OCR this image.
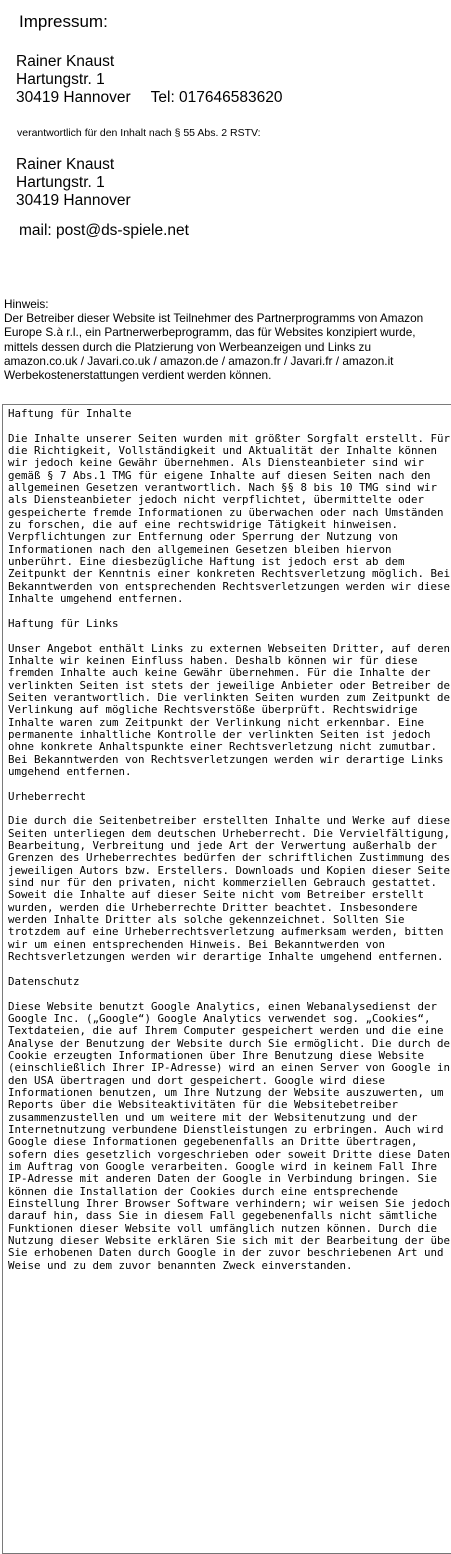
Impressum:
Rainer Knaust
Hartungstr. 1
30419 Hannover Tel: 017646583620
verantwortlich für den Inhalt nach § 55 Abs. 2 RSTV:
Rainer Knaust
Hartungstr. 1
30419 Hannover
mail: post@ds-spiele.net
Hinweis:
Der Betreiber dieser Website ist Teilnehmer des Partnerprogramms von Amazon Europe S.à r.l., ein Partnerwerbeprogramm, das für Websites konzipiert wurde, mittels dessen durch die Platzierung von Werbeanzeigen und Links zu amazon.co.uk / Javari.co.uk / amazon.de / amazon.fr / Javari.fr / amazon.it Werbekostenerstattungen verdient werden können.
Haftung für Inhalte Die Inhalte unserer Seiten wurden mit größter Sorgfalt erstellt. Für die Richtigkeit, Vollständigkeit und Aktualität der Inhalte können wir jedoch keine Gewähr übernehmen. Als Diensteanbieter sind wir gemäß § 7 Abs.1 TMG für eigene Inhalte auf diesen Seiten nach den allgemeinen Gesetzen verantwortlich. Nach §§ 8 bis 10 TMG sind wir als Diensteanbieter jedoch nicht verpflichtet, übermittelte oder gespeicherte fremde Informationen zu überwachen oder nach Umständen zu forschen, die auf eine rechtswidrige Tätigkeit hinweisen. Verpflichtungen zur Entfernung oder Sperrung der Nutzung von Informationen nach den allgemeinen Gesetzen bleiben hiervon unberührt. Eine diesbezügliche Haftung ist jedoch erst ab dem Zeitpunkt der Kenntnis einer konkreten Rechtsverletzung möglich. Bei Bekanntwerden von entsprechenden Rechtsverletzungen werden wir diese Inhalte umgehend entfernen. Haftung für Links Unser Angebot enthält Links zu externen Webseiten Dritter, auf deren Inhalte wir keinen Einfluss haben. Deshalb können wir für diese fremden Inhalte auch keine Gewähr übernehmen. Für die Inhalte der verlinkten Seiten ist stets der jeweilige Anbieter oder Betreiber der Seiten verantwortlich. Die verlinkten Seiten wurden zum Zeitpunkt der Verlinkung auf mögliche Rechtsverstöße überprüft. Rechtswidrige Inhalte waren zum Zeitpunkt der Verlinkung nicht erkennbar. Eine permanente inhaltliche Kontrolle der verlinkten Seiten ist jedoch ohne konkrete Anhaltspunkte einer Rechtsverletzung nicht zumutbar. Bei Bekanntwerden von Rechtsverletzungen werden wir derartige Links umgehend entfernen. Urheberrecht Die durch die Seitenbetreiber erstellten Inhalte und Werke auf diesen Seiten unterliegen dem deutschen Urheberrecht. Die Vervielfältigung, Bearbeitung, Verbreitung und jede Art der Verwertung außerhalb der Grenzen des Urheberrechtes bedürfen der schriftlichen Zustimmung des jeweiligen Autors bzw. Erstellers. Downloads und Kopien dieser Seite sind nur für den privaten, nicht kommerziellen Gebrauch gestattet. Soweit die Inhalte auf dieser Seite nicht vom Betreiber erstellt wurden, werden die Urheberrechte Dritter beachtet. Insbesondere werden Inhalte Dritter als solche gekennzeichnet. Sollten Sie trotzdem auf eine Urheberrechtsverletzung aufmerksam werden, bitten wir um einen entsprechenden Hinweis. Bei Bekanntwerden von Rechtsverletzungen werden wir derartige Inhalte umgehend entfernen. Datenschutz Diese Website benutzt Google Analytics, einen Webanalysedienst der Google Inc. („Google“) Google Analytics verwendet sog. „Cookies“, Textdateien, die auf Ihrem Computer gespeichert werden und die eine Analyse der Benutzung der Website durch Sie ermöglicht. Die durch den Cookie erzeugten Informationen über Ihre Benutzung diese Website (einschließlich Ihrer IP-Adresse) wird an einen Server von Google in den USA übertragen und dort gespeichert. Google wird diese Informationen benutzen, um Ihre Nutzung der Website auszuwerten, um Reports über die Websiteaktivitäten für die Websitebetreiber zusammenzustellen und um weitere mit der Websitenutzung und der Internetnutzung verbundene Dienstleistungen zu erbringen. Auch wird Google diese Informationen gegebenenfalls an Dritte übertragen, sofern dies gesetzlich vorgeschrieben oder soweit Dritte diese Daten im Auftrag von Google verarbeiten. Google wird in keinem Fall Ihre IP-Adresse mit anderen Daten der Google in Verbindung bringen. Sie können die Installation der Cookies durch eine entsprechende Einstellung Ihrer Browser Software verhindern; wir weisen Sie jedoch darauf hin, dass Sie in diesem Fall gegebenenfalls nicht sämtliche Funktionen dieser Website voll umfänglich nutzen können. Durch die Nutzung dieser Website erklären Sie sich mit der Bearbeitung der über Sie erhobenen Daten durch Google in der zuvor beschriebenen Art und Weise und zu dem zuvor benannten Zweck einverstanden.
